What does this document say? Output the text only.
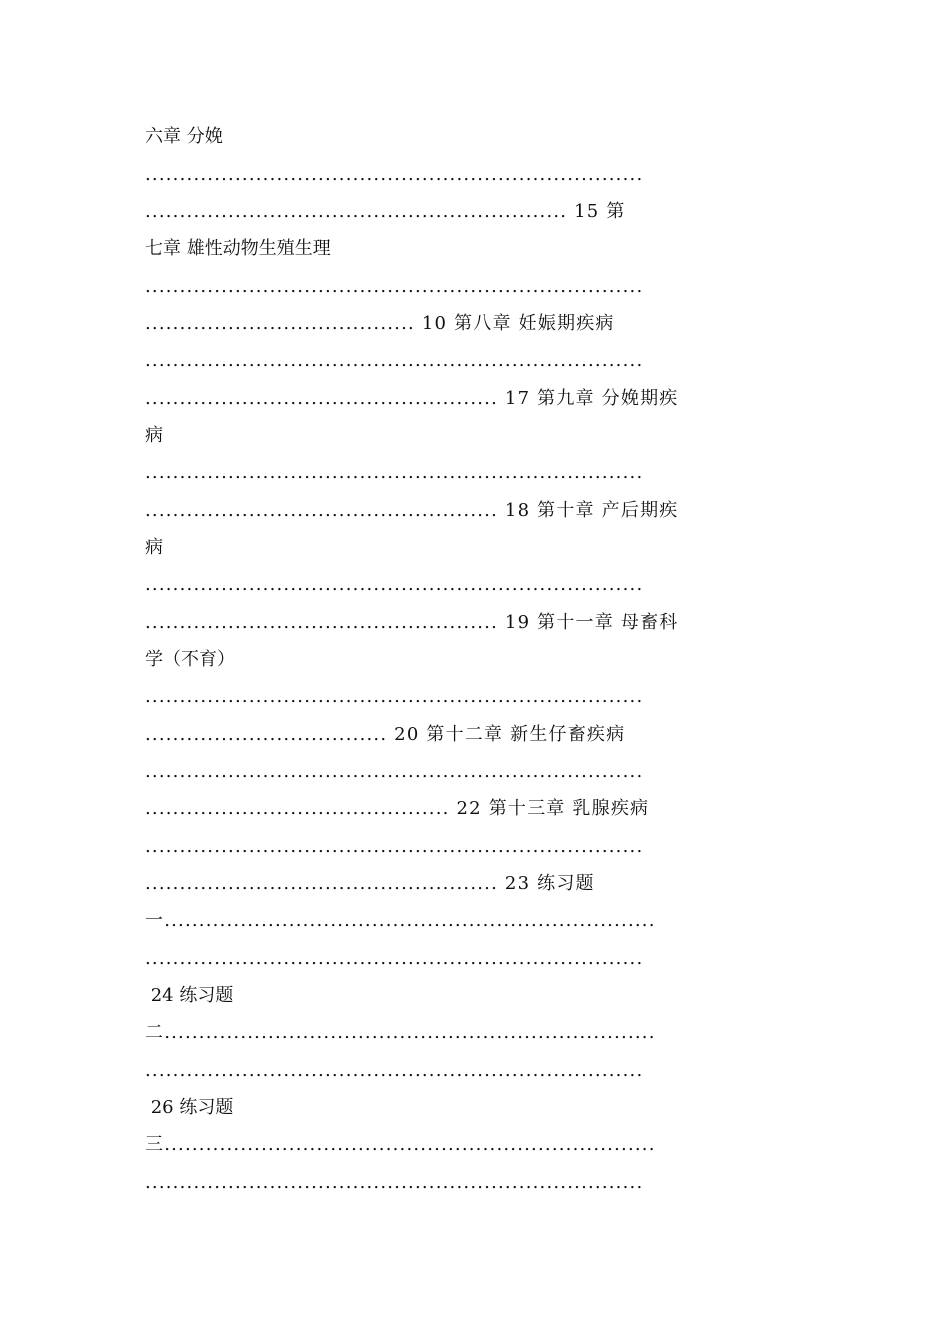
六章 分娩
........................................................................
............................................................. 15 第
七章 雄性动物生殖生理
........................................................................
....................................... 10 第八章 妊娠期疾病
........................................................................
................................................... 17 第九章 分娩期疾
病
........................................................................
................................................... 18 第十章 产后期疾
病
........................................................................
................................................... 19 第十一章 母畜科
学（不育）
........................................................................
................................... 20 第十二章 新生仔畜疾病
........................................................................
............................................ 22 第十三章 乳腺疾病
........................................................................
................................................... 23 练习题
一.......................................................................
........................................................................
24 练习题
二.......................................................................
........................................................................
26 练习题
三.......................................................................
........................................................................
